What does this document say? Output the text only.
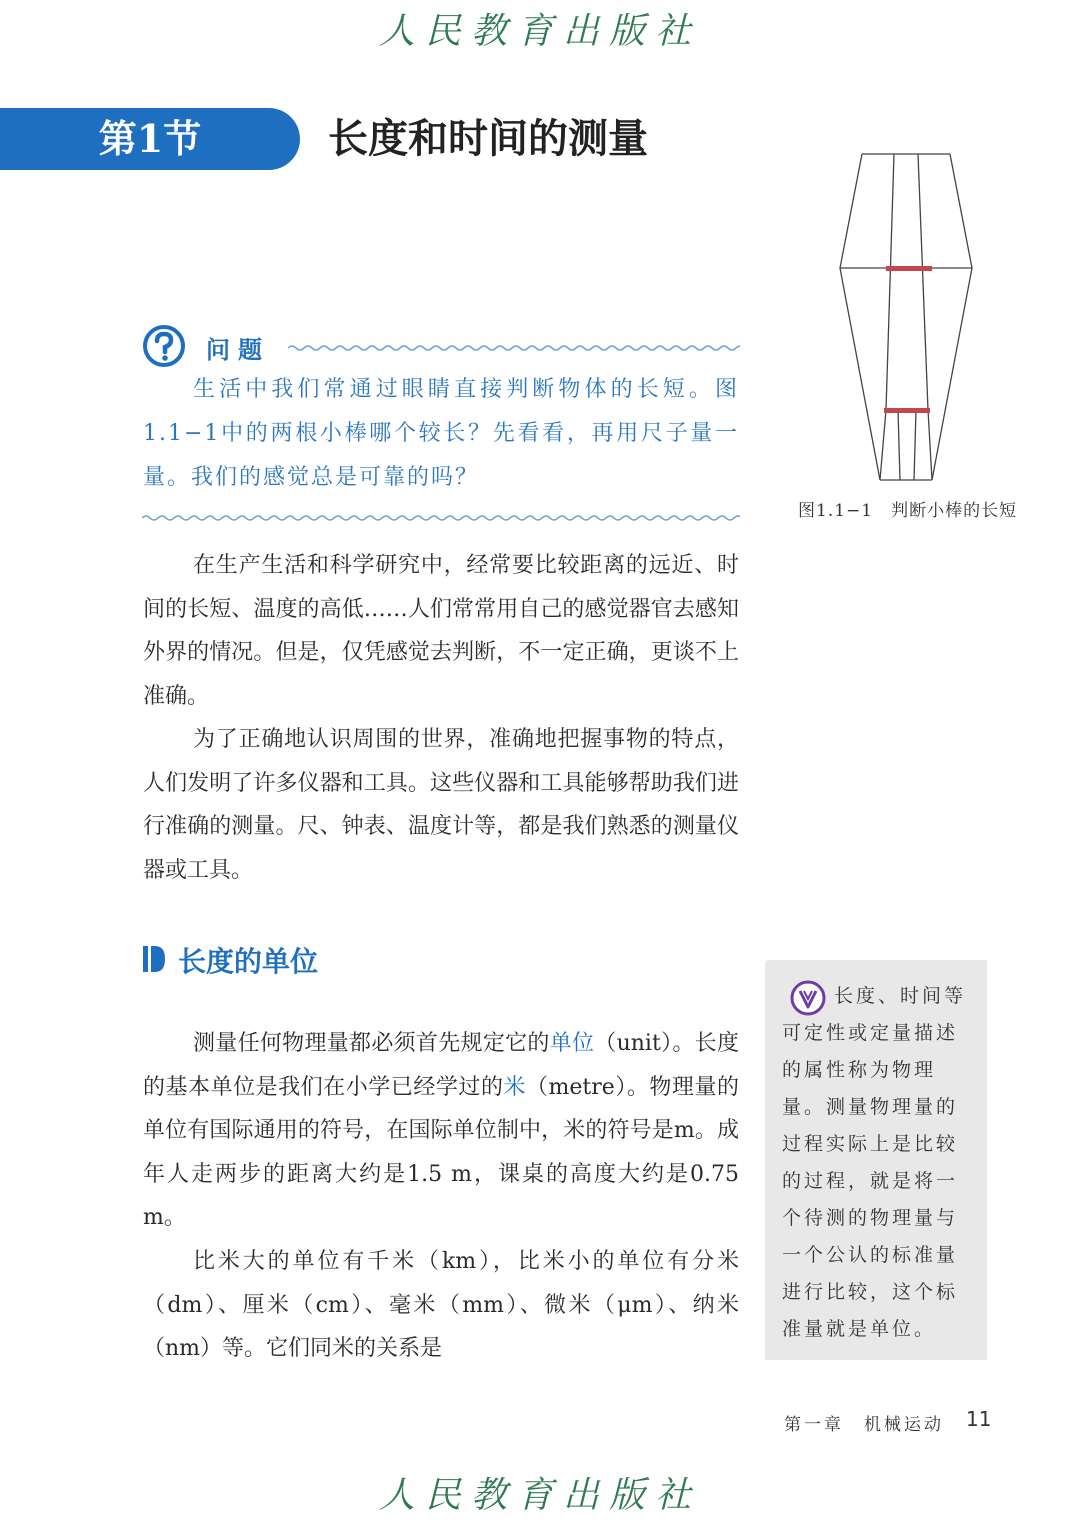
人民教育出版社
第1节	长度和时间的测量
问题
生活中我们常通过眼睛直接判断物体的长短。图1.1−1中的两根小棒哪个较长？先看看，再用尺子量一量。我们的感觉总是可靠的吗？
图1.1−1　判断小棒的长短
在生产生活和科学研究中，经常要比较距离的远近、时间的长短、温度的高低……人们常常用自己的感觉器官去感知外界的情况。但是，仅凭感觉去判断，不一定正确，更谈不上准确。
为了正确地认识周围的世界，准确地把握事物的特点，人们发明了许多仪器和工具。这些仪器和工具能够帮助我们进行准确的测量。尺、钟表、温度计等，都是我们熟悉的测量仪器或工具。
长度的单位
测量任何物理量都必须首先规定它的单位（unit）。长度的基本单位是我们在小学已经学过的米（metre）。物理量的单位有国际通用的符号，在国际单位制中，米的符号是m。成年人走两步的距离大约是1.5 m，课桌的高度大约是0.75 m。
比米大的单位有千米（km），比米小的单位有分米（dm）、厘米（cm）、毫米（mm）、微米（μm）、纳米（nm）等。它们同米的关系是
长度、时间等可定性或定量描述的属性称为物理量。测量物理量的过程实际上是比较的过程，就是将一个待测的物理量与一个公认的标准量进行比较，这个标准量就是单位。
第一章　机械运动 11
人民教育出版社
